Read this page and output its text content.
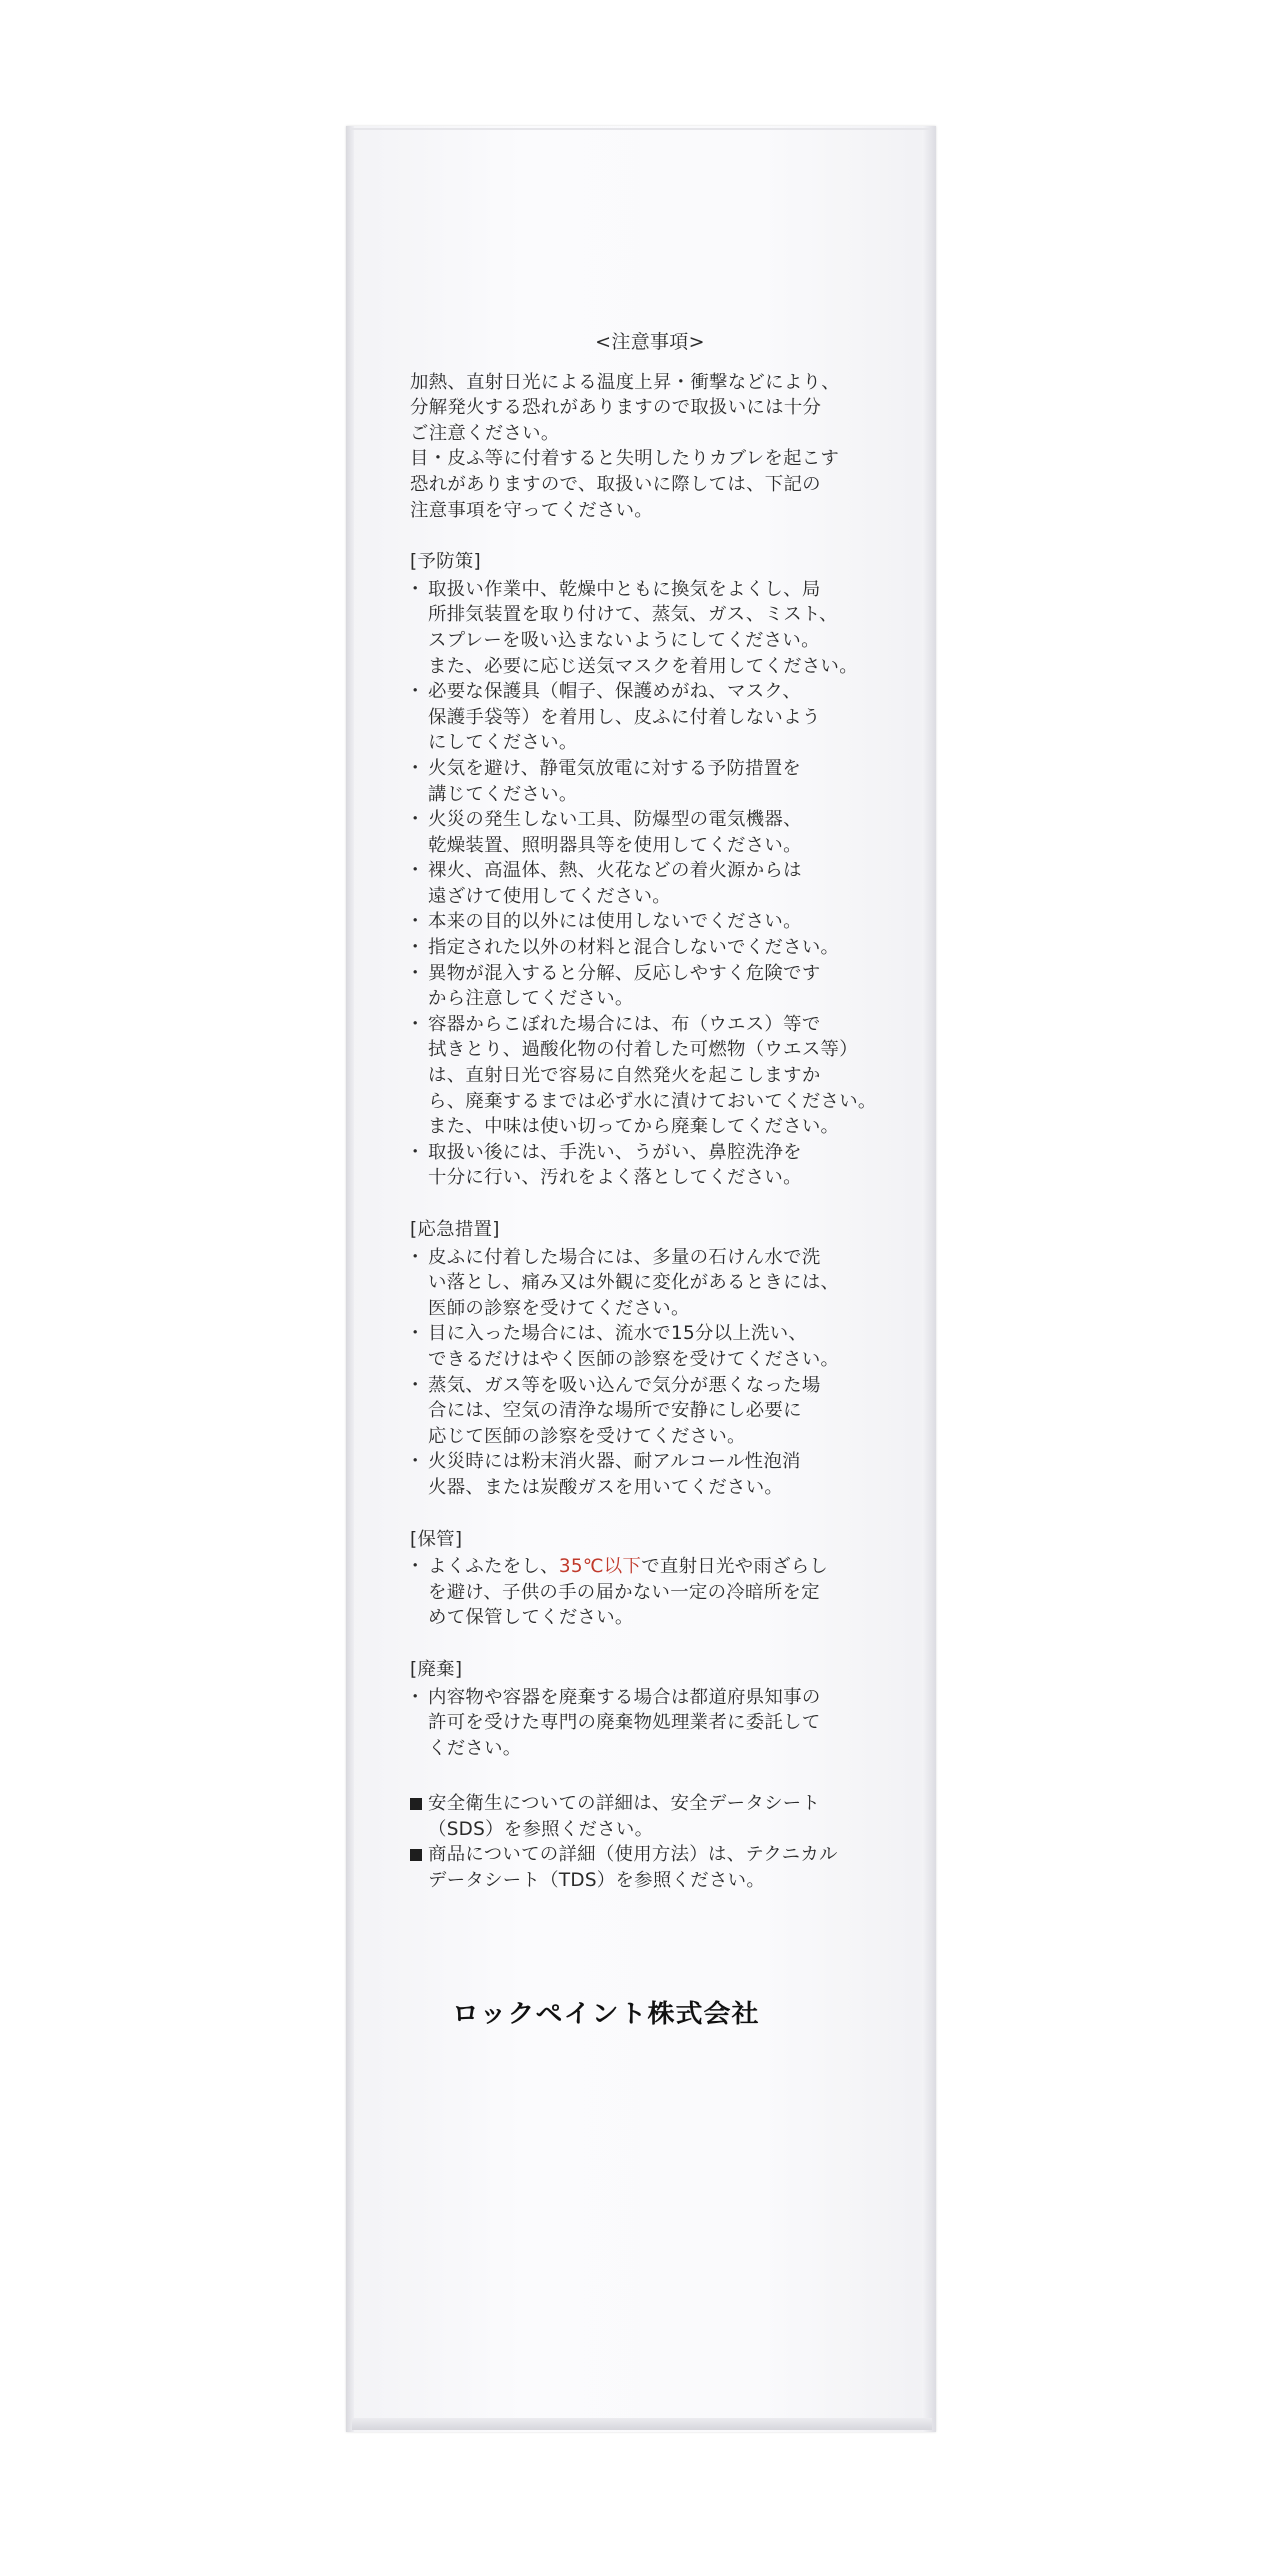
<注意事項>
加熱、直射日光による温度上昇・衝撃などにより、
分解発火する恐れがありますので取扱いには十分
ご注意ください。
目・皮ふ等に付着すると失明したりカブレを起こす
恐れがありますので、取扱いに際しては、下記の
注意事項を守ってください。
[予防策]
・ 取扱い作業中、乾燥中ともに換気をよくし、局
所排気装置を取り付けて、蒸気、ガス、ミスト、
スプレーを吸い込まないようにしてください。
また、必要に応じ送気マスクを着用してください。
・ 必要な保護具（帽子、保護めがね、マスク、
保護手袋等）を着用し、皮ふに付着しないよう
にしてください。
・ 火気を避け、静電気放電に対する予防措置を
講じてください。
・ 火災の発生しない工具、防爆型の電気機器、
乾燥装置、照明器具等を使用してください。
・ 裸火、高温体、熱、火花などの着火源からは
遠ざけて使用してください。
・ 本来の目的以外には使用しないでください。
・ 指定された以外の材料と混合しないでください。
・ 異物が混入すると分解、反応しやすく危険です
から注意してください。
・ 容器からこぼれた場合には、布（ウエス）等で
拭きとり、過酸化物の付着した可燃物（ウエス等）
は、直射日光で容易に自然発火を起こしますか
ら、廃棄するまでは必ず水に漬けておいてください。
また、中味は使い切ってから廃棄してください。
・ 取扱い後には、手洗い、うがい、鼻腔洗浄を
十分に行い、汚れをよく落としてください。
[応急措置]
・ 皮ふに付着した場合には、多量の石けん水で洗
い落とし、痛み又は外観に変化があるときには、
医師の診察を受けてください。
・ 目に入った場合には、流水で15分以上洗い、
できるだけはやく医師の診察を受けてください。
・ 蒸気、ガス等を吸い込んで気分が悪くなった場
合には、空気の清浄な場所で安静にし必要に
応じて医師の診察を受けてください。
・ 火災時には粉末消火器、耐アルコール性泡消
火器、または炭酸ガスを用いてください。
[保管]
・ よくふたをし、35℃以下で直射日光や雨ざらし
を避け、子供の手の届かない一定の冷暗所を定
めて保管してください。
[廃棄]
・ 内容物や容器を廃棄する場合は都道府県知事の
許可を受けた専門の廃棄物処理業者に委託して
ください。
安全衛生についての詳細は、安全データシート
（SDS）を参照ください。
商品についての詳細（使用方法）は、テクニカル
データシート（TDS）を参照ください。
ロックペイント株式会社
